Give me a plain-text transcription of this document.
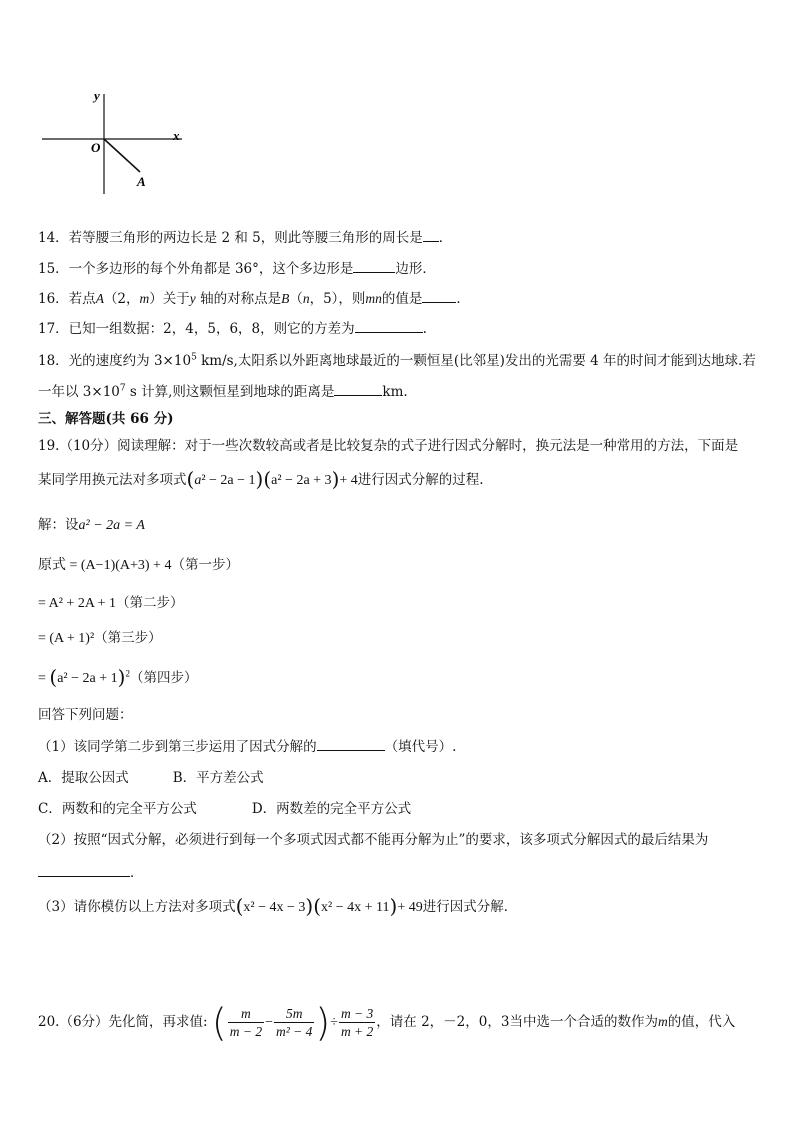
y
x
O
A
14．若等腰三角形的两边长是 2 和 5，则此等腰三角形的周长是 ．
15．一个多边形的每个外角都是 36°，这个多边形是	边形．
16．若点A（2，m）关于y 轴的对称点是B（n，5），则mn的值是	．
17．已知一组数据：2，4，5，6，8，则它的方差为	.
18．光的速度约为 $3\times 10^5$ km/s,太阳系以外距离地球最近的一颗恒星(比邻星)发出的光需要 4 年的时间才能到达地球.若
一年以 $3\times 10^7$ s 计算,则这颗恒星到地球的距离是	km.
三、解答题(共 66 分)
19.（10分）阅读理解：对于一些次数较高或者是比较复杂的式子进行因式分解时，换元法是一种常用的方法，下面是
某同学用换元法对多项式(a² − 2a − 1)(a² − 2a + 3)+ 4进行因式分解的过程.
解：设a² − 2a = A
原式 = (A−1)(A+3) + 4（第一步）
= A² + 2A + 1（第二步）
= (A + 1)²（第三步）
= $(a^2 - 2a + 1)^2$（第四步）
回答下列问题：
（1）该同学第二步到第三步运用了因式分解的	（填代号）.
A．提取公因式	B．平方差公式
C．两数和的完全平方公式	D．两数差的完全平方公式
（2）按照“因式分解，必须进行到每一个多项式因式都不能再分解为止”的要求，该多项式分解因式的最后结果为
．
（3）请你模仿以上方法对多项式(x² − 4x − 3)(x² − 4x + 11)+ 49进行因式分解．
20.（6分）先化简，再求值: ( $\frac{m}{m - 2} - \frac{5m}{\text{m² − 4}}$ )÷ $\frac{m - 3}{m + 2}$ ，请在 2，－2，0，3当中选一个合适的数作为m的值，代入
